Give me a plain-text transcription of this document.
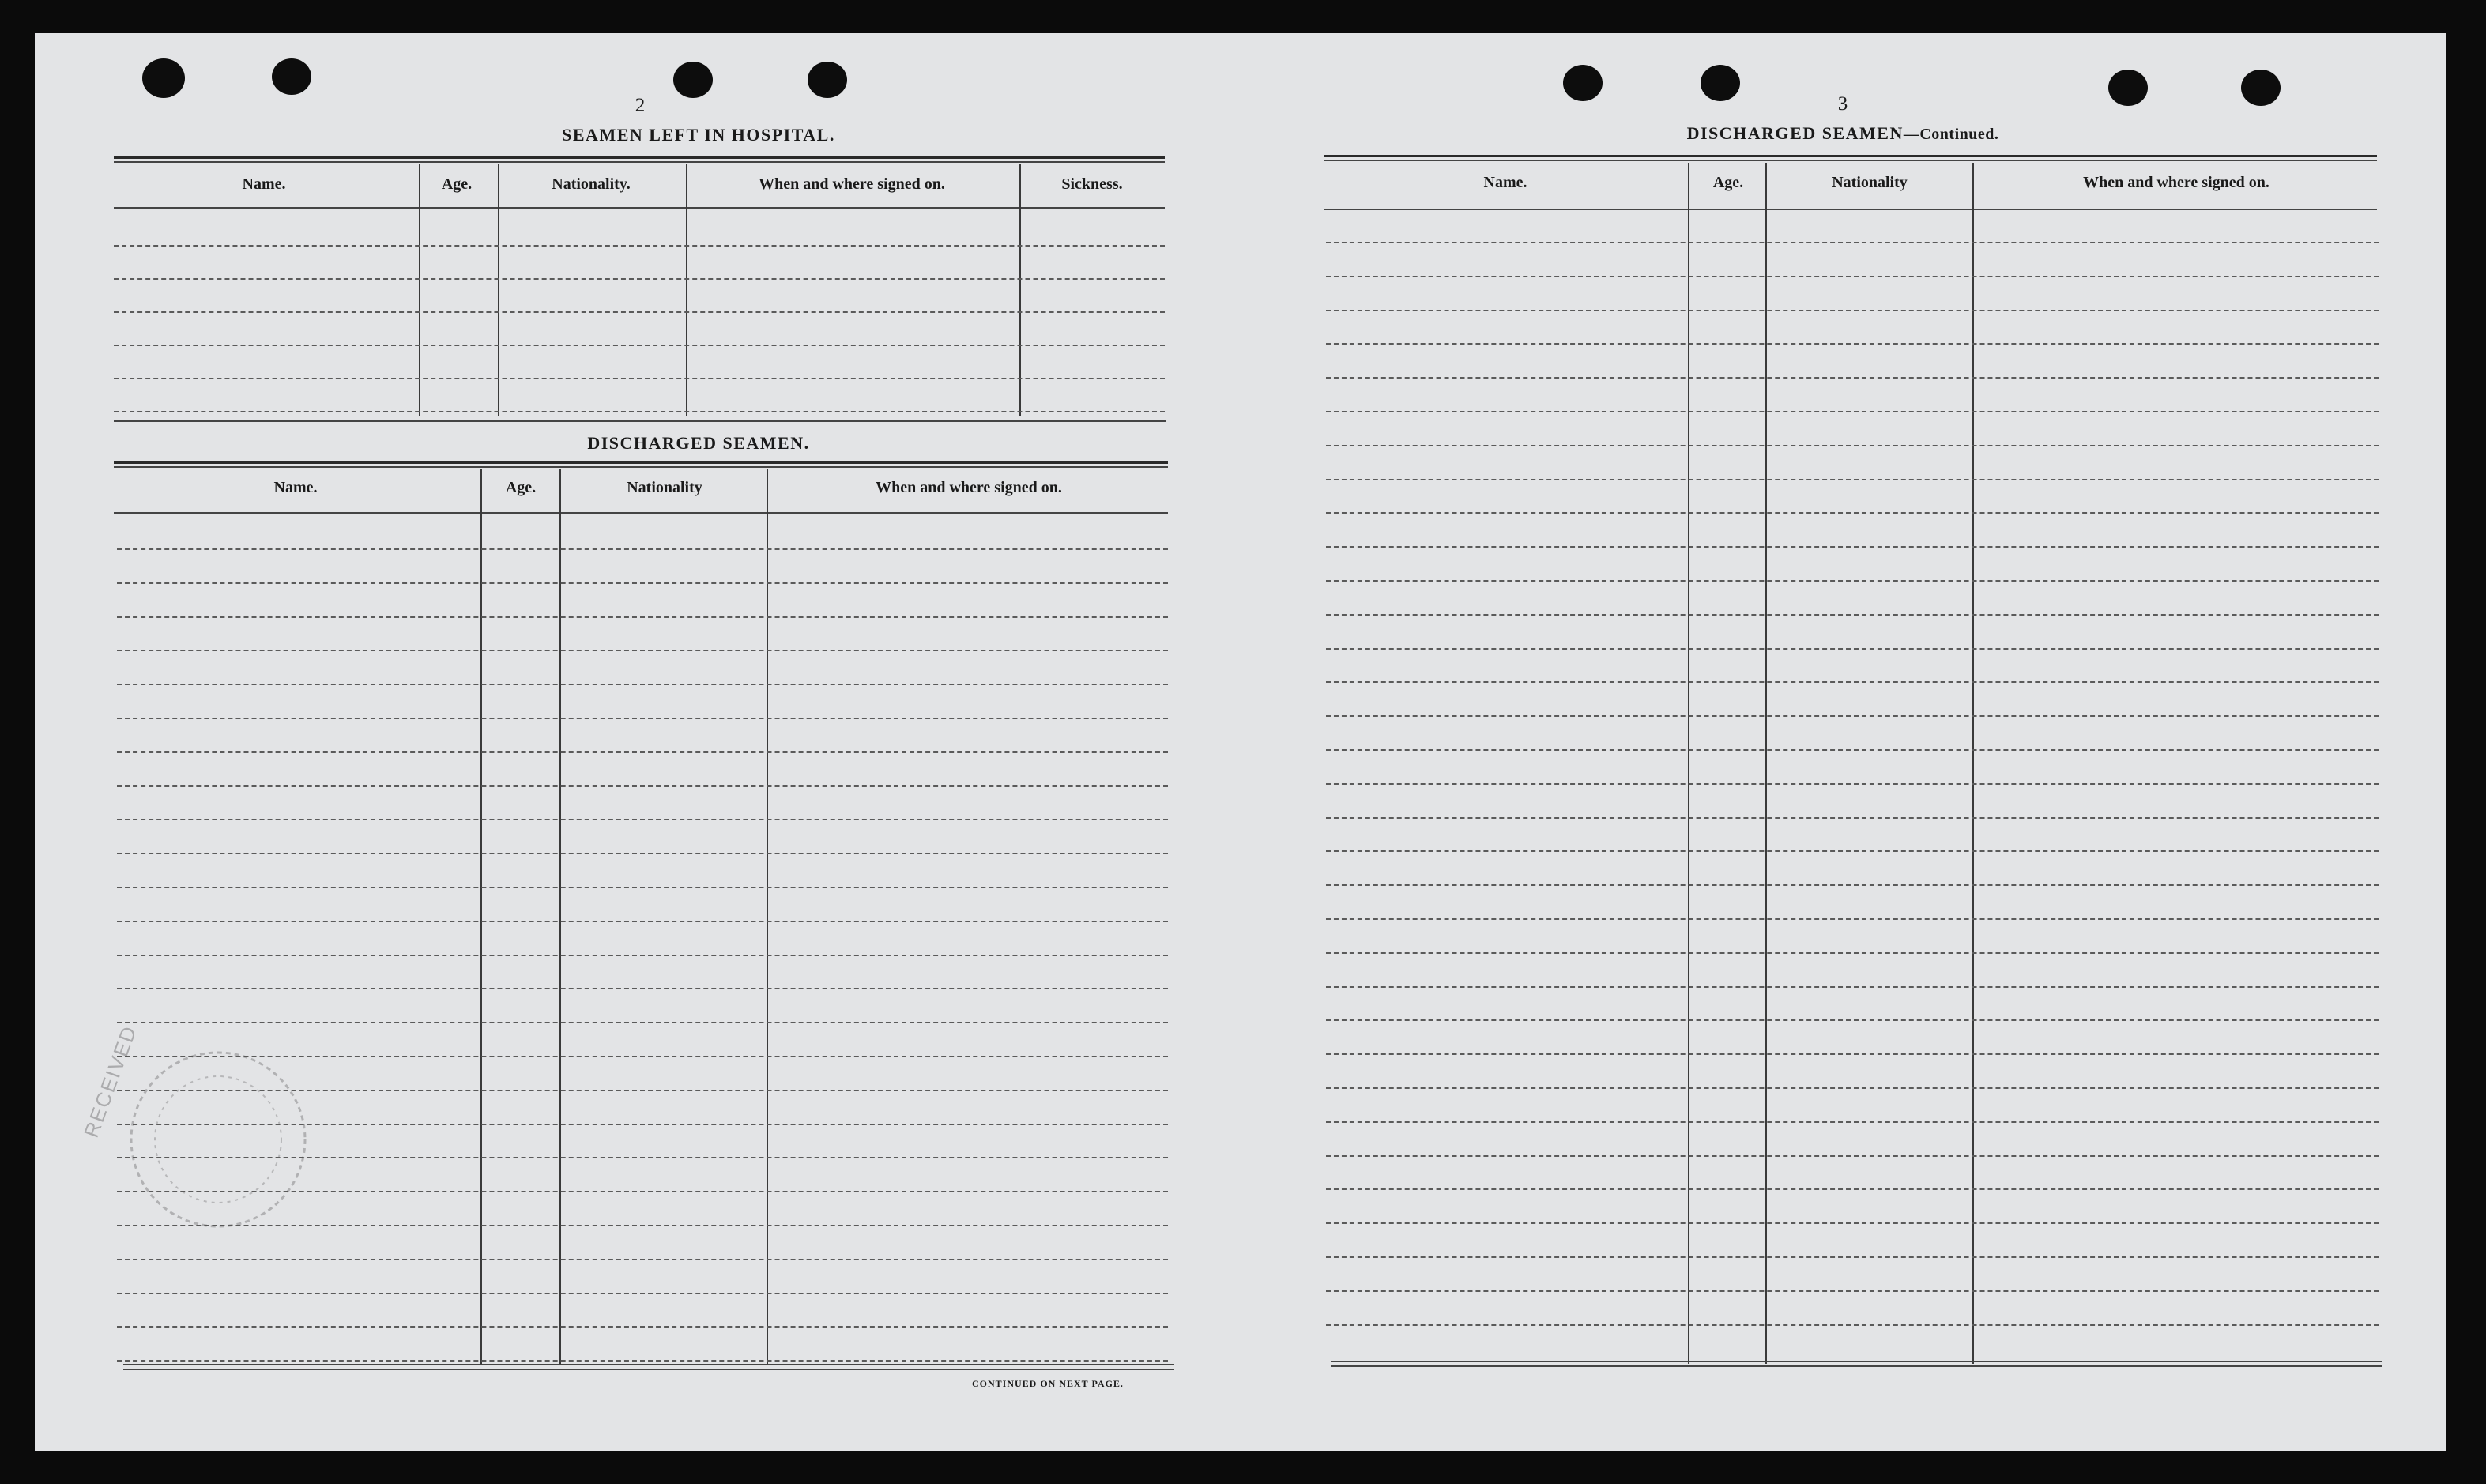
2
SEAMEN LEFT IN HOSPITAL.
Name.	Age.	Nationality.	When and where signed on.	Sickness.
DISCHARGED SEAMEN.
Name.	Age.	Nationality	When and where signed on.
CONTINUED ON NEXT PAGE.
RECEIVED
3
DISCHARGED SEAMEN—Continued.
Name.	Age.	Nationality	When and where signed on.
